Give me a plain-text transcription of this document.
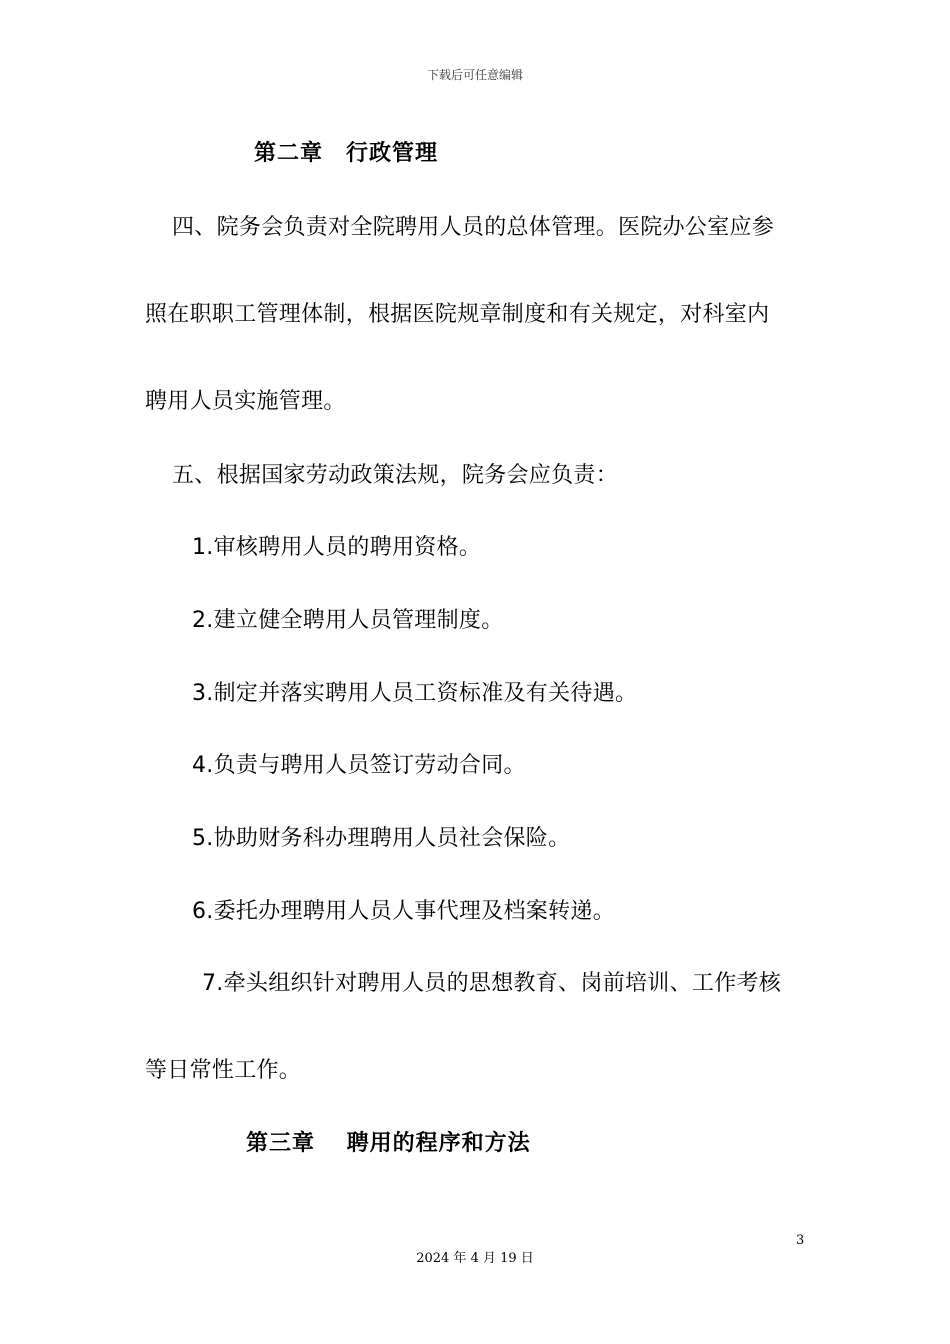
下载后可任意编辑
第二章　行政管理
四、院务会负责对全院聘用人员的总体管理。医院办公室应参
照在职职工管理体制，根据医院规章制度和有关规定，对科室内
聘用人员实施管理。
五、根据国家劳动政策法规，院务会应负责：
1.审核聘用人员的聘用资格。
2.建立健全聘用人员管理制度。
3.制定并落实聘用人员工资标准及有关待遇。
4.负责与聘用人员签订劳动合同。
5.协助财务科办理聘用人员社会保险。
6.委托办理聘用人员人事代理及档案转递。
7.牵头组织针对聘用人员的思想教育、岗前培训、工作考核
等日常性工作。
第三章　 聘用的程序和方法
3
2024 年 4 月 19 日
